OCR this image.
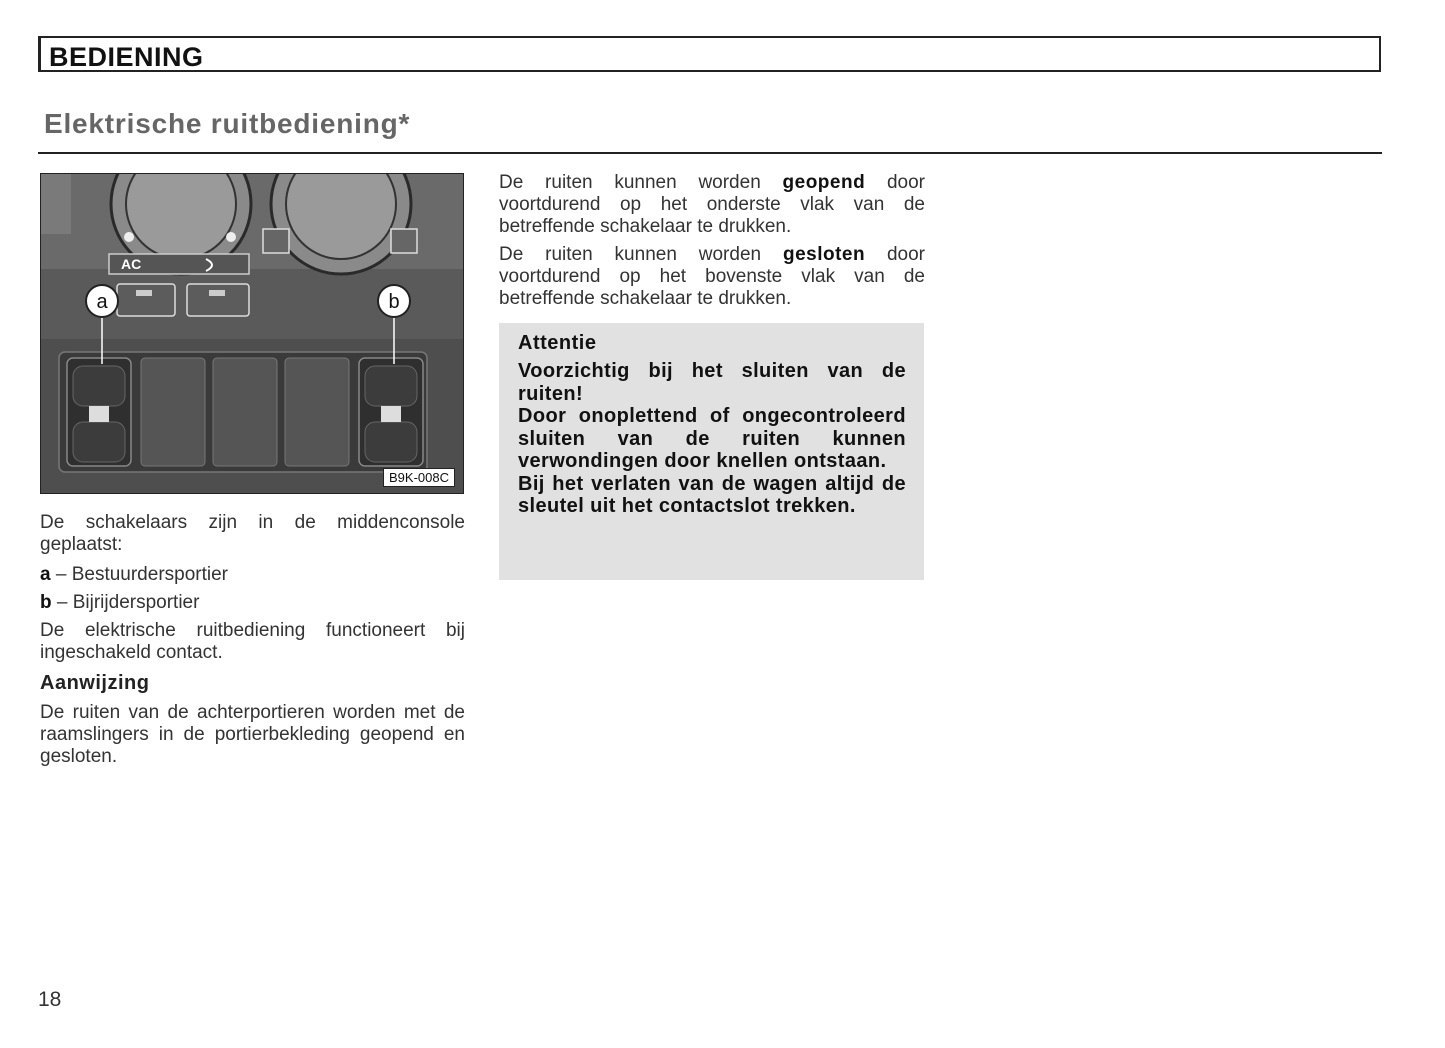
BEDIENING
Elektrische ruitbediening*
AC
a	b
B9K-008C

De schakelaars zijn in de middenconsole geplaatst:

a – Bestuurdersportier
b – Bijrijdersportier

De elektrische ruitbediening functioneert bij ingeschakeld contact.

Aanwijzing

De ruiten van de achterportieren worden met de raamslingers in de portierbekleding geopend en gesloten.

De ruiten kunnen worden geopend door voortdurend op het onderste vlak van de betreffende schakelaar te drukken.

De ruiten kunnen worden gesloten door voortdurend op het bovenste vlak van de betreffende schakelaar te drukken.

Attentie
Voorzichtig bij het sluiten van de ruiten!
Door onoplettend of ongecontroleerd sluiten van de ruiten kunnen verwondingen door knellen ontstaan.
Bij het verlaten van de wagen altijd de sleutel uit het contactslot trekken.
18
